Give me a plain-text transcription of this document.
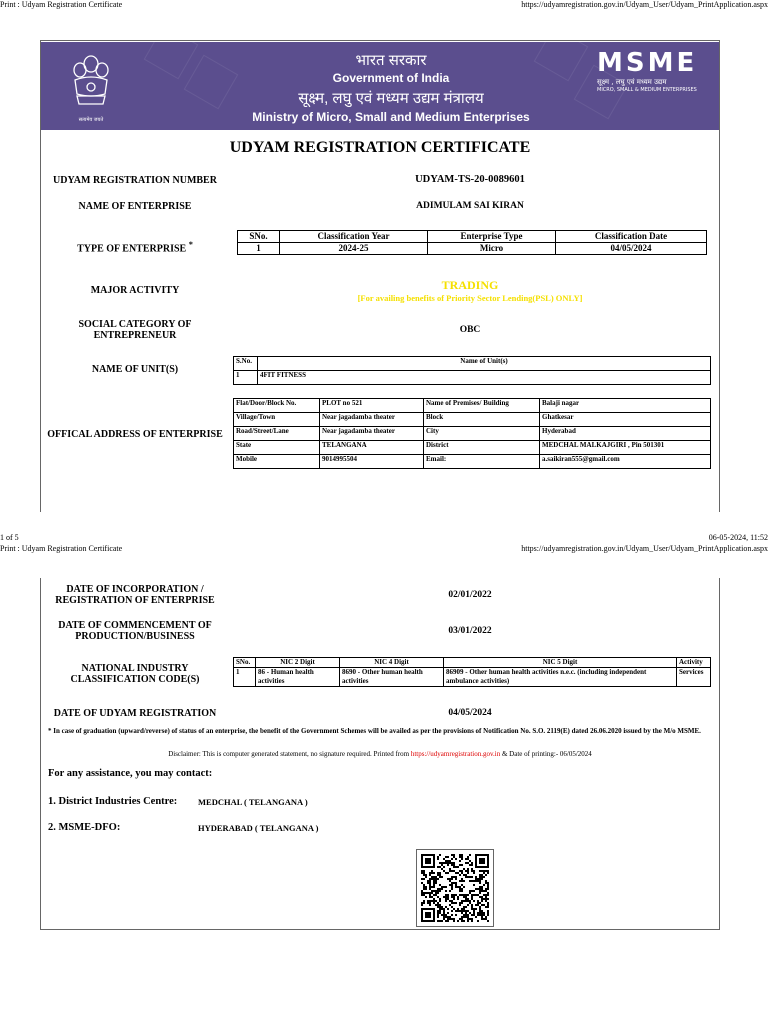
Print : Udyam Registration Certificate	https://udyamregistration.gov.in/Udyam_User/Udyam_PrintApplication.aspx
सत्यमेव जयते
भारत सरकार
Government of India
सूक्ष्म, लघु एवं मध्यम उद्यम मंत्रालय
Ministry of Micro, Small and Medium Enterprises
MSME
सूक्ष्म , लघु एवं मध्यम उद्यम
MICRO, SMALL & MEDIUM ENTERPRISES
UDYAM REGISTRATION CERTIFICATE
UDYAM REGISTRATION NUMBER	UDYAM-TS-20-0089601
NAME OF ENTERPRISE	ADIMULAM SAI KIRAN
TYPE OF ENTERPRISE *
SNo.	Classification Year	Enterprise Type	Classification Date
1	2024-25	Micro	04/05/2024
MAJOR ACTIVITY	TRADING
[For availing benefits of Priority Sector Lending(PSL) ONLY]
SOCIAL CATEGORY OF
ENTREPRENEUR	OBC
NAME OF UNIT(S)
S.No.	Name of Unit(s)
1	4FIT FITNESS
OFFICAL ADDRESS OF ENTERPRISE
Flat/Door/Block No.	PLOT no 521	Name of Premises/ Building	Balaji nagar
Village/Town	Near jagadamba theater	Block	Ghatkesar
Road/Street/Lane	Near jagadamba theater	City	Hyderabad
State	TELANGANA	District	MEDCHAL MALKAJGIRI , Pin 501301
Mobile	9014995504	Email:	a.saikiran555@gmail.com
1 of 5	06-05-2024, 11:52
Print : Udyam Registration Certificate	https://udyamregistration.gov.in/Udyam_User/Udyam_PrintApplication.aspx
DATE OF INCORPORATION /
REGISTRATION OF ENTERPRISE	02/01/2022
DATE OF COMMENCEMENT OF
PRODUCTION/BUSINESS	03/01/2022
NATIONAL INDUSTRY
CLASSIFICATION CODE(S)
SNo.	NIC 2 Digit	NIC 4 Digit	NIC 5 Digit	Activity
1	86 - Human health activities	8690 - Other human health activities	86909 - Other human health activities n.e.c. (including independent ambulance activities)	Services
DATE OF UDYAM REGISTRATION	04/05/2024
* In case of graduation (upward/reverse) of status of an enterprise, the benefit of the Government Schemes will be availed as per the provisions of Notification No. S.O. 2119(E) dated 26.06.2020 issued by the M/o MSME.
Disclaimer: This is computer generated statement, no signature required. Printed from https://udyamregistration.gov.in & Date of printing:- 06/05/2024
For any assistance, you may contact:
1. District Industries Centre: MEDCHAL ( TELANGANA )
2. MSME-DFO:	HYDERABAD ( TELANGANA )
